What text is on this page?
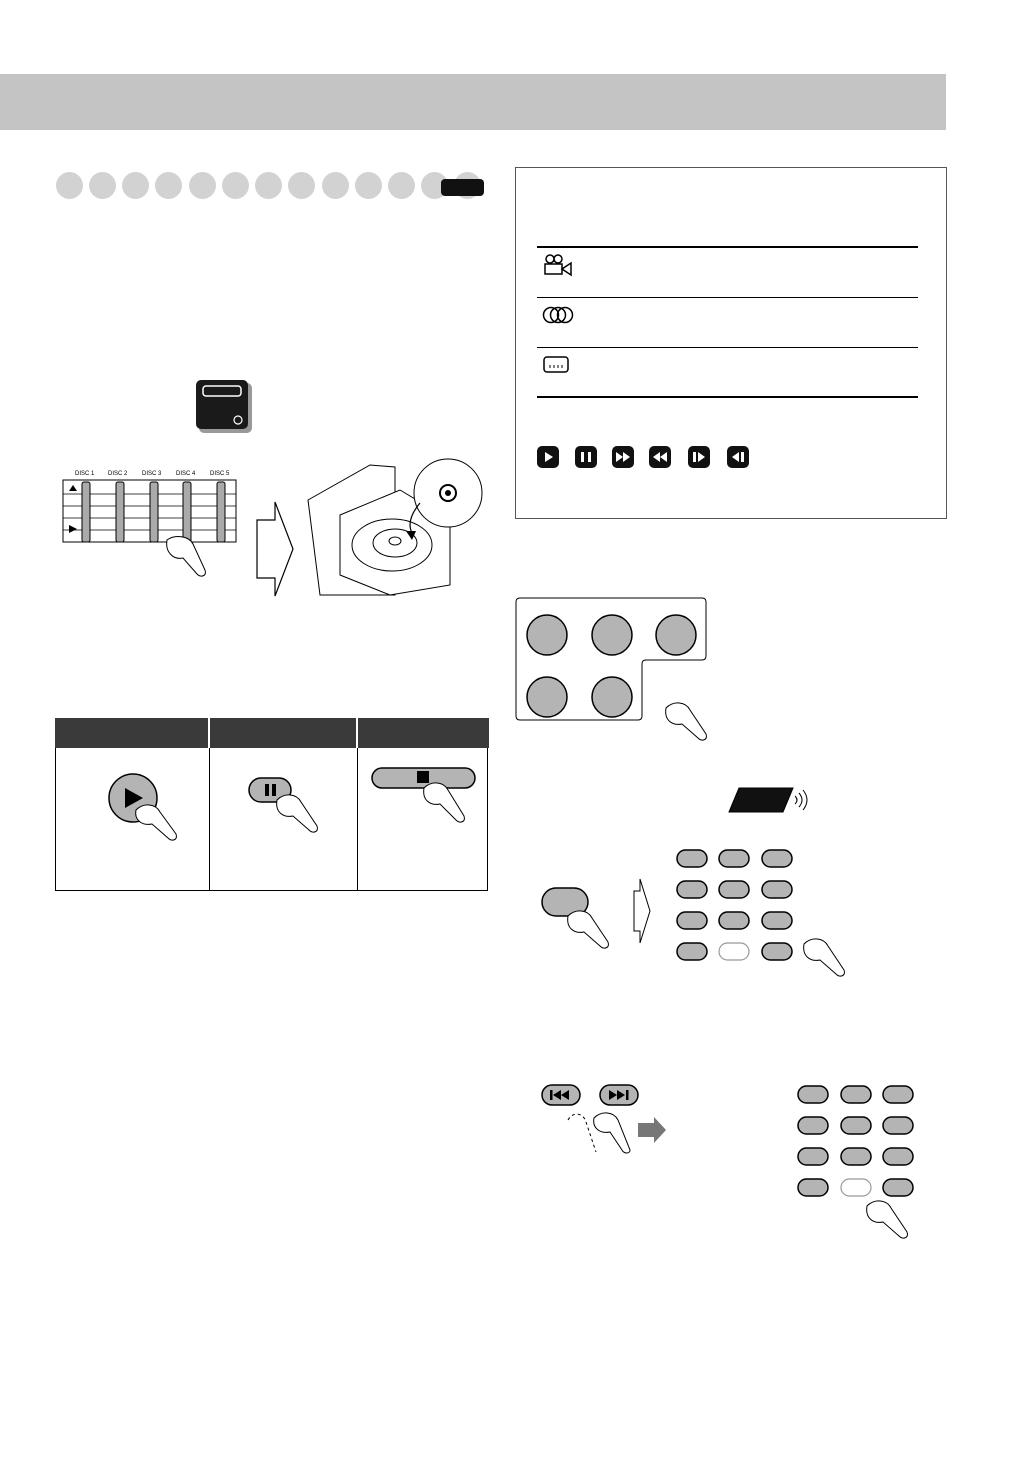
DISC 1 DISC 2 DISC 3 DISC 4 DISC 5
